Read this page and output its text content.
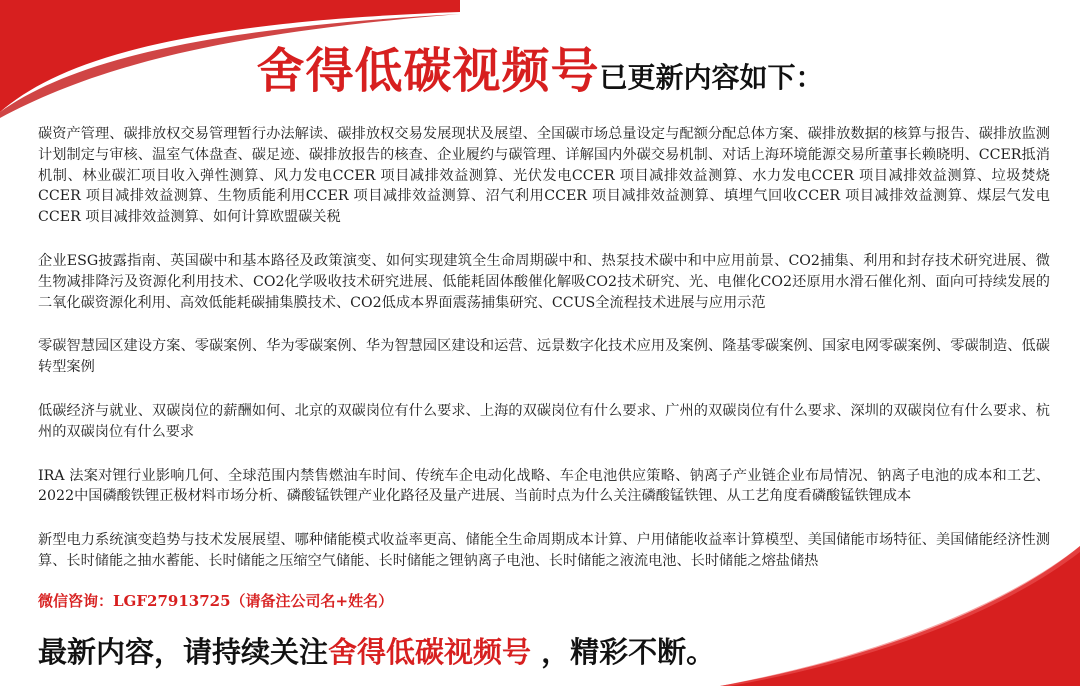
舍得低碳视频号已更新内容如下：

碳资产管理、碳排放权交易管理暂行办法解读、碳排放权交易发展现状及展望、全国碳市场总量设定与配额分配总体方案、碳排放数据的核算与报告、碳排放监测计划制定与审核、温室气体盘查、碳足迹、碳排放报告的核查、企业履约与碳管理、详解国内外碳交易机制、对话上海环境能源交易所董事长赖晓明、CCER抵消机制、林业碳汇项目收入弹性测算、风力发电CCER 项目减排效益测算、光伏发电CCER 项目减排效益测算、水力发电CCER 项目减排效益测算、垃圾焚烧CCER 项目减排效益测算、生物质能利用CCER 项目减排效益测算、沼气利用CCER 项目减排效益测算、填埋气回收CCER 项目减排效益测算、煤层气发电CCER 项目减排效益测算、如何计算欧盟碳关税

企业ESG披露指南、英国碳中和基本路径及政策演变、如何实现建筑全生命周期碳中和、热泵技术碳中和中应用前景、CO2捕集、利用和封存技术研究进展、微生物减排降污及资源化利用技术、CO2化学吸收技术研究进展、低能耗固体酸催化解吸CO2技术研究、光、电催化CO2还原用水滑石催化剂、面向可持续发展的二氧化碳资源化利用、高效低能耗碳捕集膜技术、CO2低成本界面震荡捕集研究、CCUS全流程技术进展与应用示范

零碳智慧园区建设方案、零碳案例、华为零碳案例、华为智慧园区建设和运营、远景数字化技术应用及案例、隆基零碳案例、国家电网零碳案例、零碳制造、低碳转型案例

低碳经济与就业、双碳岗位的薪酬如何、北京的双碳岗位有什么要求、上海的双碳岗位有什么要求、广州的双碳岗位有什么要求、深圳的双碳岗位有什么要求、杭州的双碳岗位有什么要求

IRA 法案对锂行业影响几何、全球范围内禁售燃油车时间、传统车企电动化战略、车企电池供应策略、钠离子产业链企业布局情况、钠离子电池的成本和工艺、2022中国磷酸铁锂正极材料市场分析、磷酸锰铁锂产业化路径及量产进展、当前时点为什么关注磷酸锰铁锂、从工艺角度看磷酸锰铁锂成本

新型电力系统演变趋势与技术发展展望、哪种储能模式收益率更高、储能全生命周期成本计算、户用储能收益率计算模型、美国储能市场特征、美国储能经济性测算、长时储能之抽水蓄能、长时储能之压缩空气储能、长时储能之锂钠离子电池、长时储能之液流电池、长时储能之熔盐储热

微信咨询：LGF27913725（请备注公司名+姓名）
最新内容，请持续关注舍得低碳视频号 ，精彩不断。
